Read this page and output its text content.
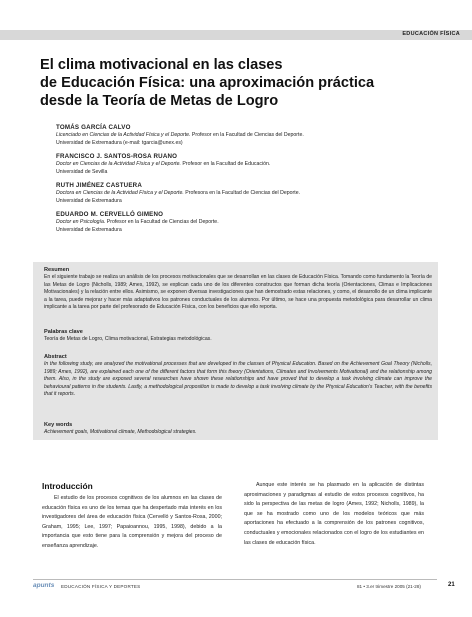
EDUCACIÓN FÍSICA
El clima motivacional en las clases
de Educación Física: una aproximación práctica
desde la Teoría de Metas de Logro
TOMÁS GARCÍA CALVO
Licenciado en Ciencias de la Actividad Física y el Deporte. Profesor en la Facultad de Ciencias del Deporte.
Universidad de Extremadura (e-mail: tgarcia@unex.es)
FRANCISCO J. SANTOS-ROSA RUANO
Doctor en Ciencias de la Actividad Física y el Deporte. Profesor en la Facultad de Educación.
Universidad de Sevilla
RUTH JIMÉNEZ CASTUERA
Doctora en Ciencias de la Actividad Física y el Deporte. Profesora en la Facultad de Ciencias del Deporte.
Universidad de Extremadura
EDUARDO M. CERVELLÓ GIMENO
Doctor en Psicología. Profesor en la Facultad de Ciencias del Deporte.
Universidad de Extremadura
Resumen
En el siguiente trabajo se realiza un análisis de los procesos motivacionales que se desarrollan en las clases de Educación Física. Tomando como fundamento la Teoría de las Metas de Logro (Nicholls, 1989; Ames, 1992), se explican cada uno de los diferentes constructos que forman dicha teoría (Orientaciones, Climas e Implicaciones Motivacionales) y la relación entre ellos. Asimismo, se exponen diversas investigaciones que han demostrado estas relaciones, y como, el desarrollo de un clima implicante a la tarea, puede mejorar y hacer más adaptativos los patrones conductuales de los alumnos. Por último, se hace una propuesta metodológica para desarrollar un clima implicante a la tarea por parte del profesorado de Educación Física, con los beneficios que ello reporta.
Palabras clave
Teoría de Metas de Logro, Clima motivacional, Estrategias metodológicas.
Abstract
In the following study, are analyzed the motivational processes that are developed in the classes of Physical Education. Based on the Achievement Goal Theory (Nicholls, 1989; Ames, 1992), are explained each one of the different factors that form this theory (Orientations, Climates and Involvements Motivational) and the relationship among them. Also, in the study are exposed several researches have shown these relationships and have proved that to develop a task involving climate can improve the behavioural patterns in the students. Lastly, a methodological proposition is made to develop a task involving climate by the Physical Education's Teacher, with the benefits that it reports.
Key words
Achievement goals, Motivational climate, Methodological strategies.
Introducción
El estudio de los procesos cognitivos de los alumnos en las clases de educación física es uno de los temas que ha despertado más interés en los investigadores del área de educación física (Cervelló y Santos-Rosa, 2000; Graham, 1995; Lee, 1997; Papaioannou, 1995, 1998), debido a la importancia que esto tiene para la comprensión y mejora del proceso de enseñanza aprendizaje.
Aunque este interés se ha plasmado en la aplicación de distintas aproximaciones y paradigmas al estudio de estos procesos cognitivos, ha sido la perspectiva de las metas de logro (Ames, 1992; Nicholls, 1989), la que se ha mostrado como uno de los modelos teóricos que más aportaciones ha efectuado a la comprensión de los patrones cognitivos, conductuales y emocionales relacionados con el logro de los estudiantes en las clases de educación física.
apunts EDUCACIÓN FÍSICA Y DEPORTES	81 • 3.er trimestre 2005 (21-28)	21
